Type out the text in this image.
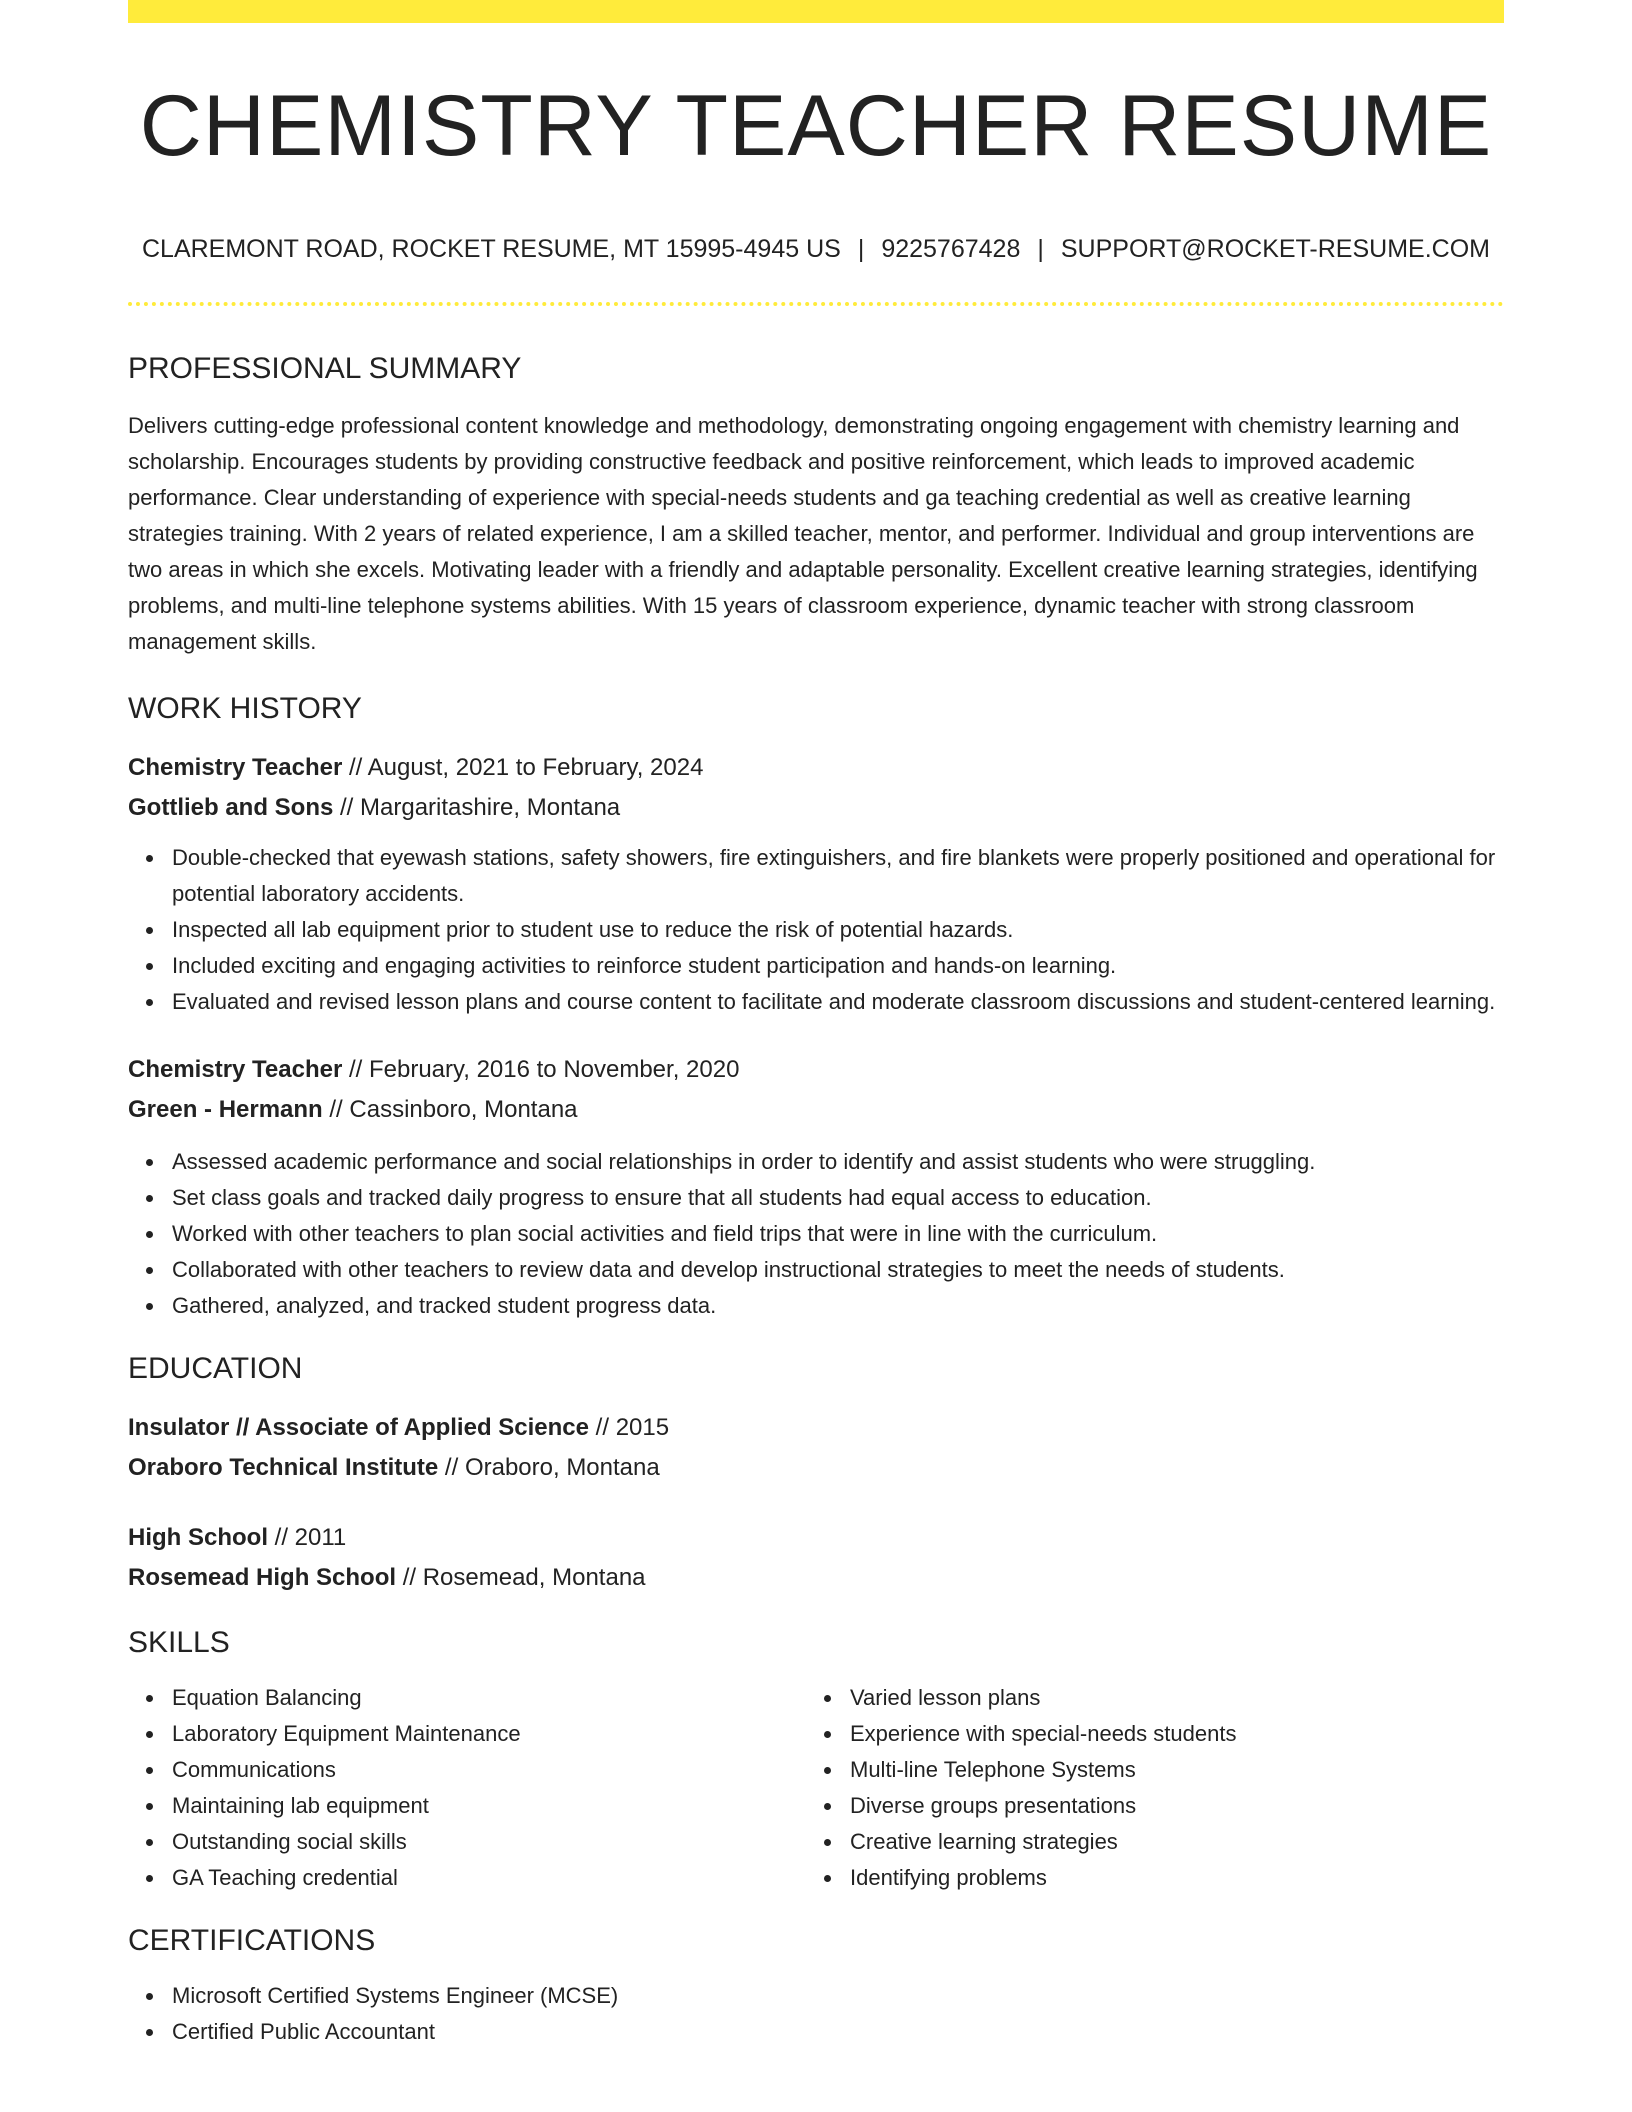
CHEMISTRY TEACHER RESUME
CLAREMONT ROAD, ROCKET RESUME, MT 15995-4945 US | 9225767428 | SUPPORT@ROCKET-RESUME.COM
PROFESSIONAL SUMMARY

Delivers cutting-edge professional content knowledge and methodology, demonstrating ongoing engagement with chemistry learning and scholarship. Encourages students by providing constructive feedback and positive reinforcement, which leads to improved academic performance. Clear understanding of experience with special-needs students and ga teaching credential as well as creative learning strategies training. With 2 years of related experience, I am a skilled teacher, mentor, and performer. Individual and group interventions are two areas in which she excels. Motivating leader with a friendly and adaptable personality. Excellent creative learning strategies, identifying problems, and multi-line telephone systems abilities. With 15 years of classroom experience, dynamic teacher with strong classroom management skills.

WORK HISTORY
Chemistry Teacher // August, 2021 to February, 2024
Gottlieb and Sons // Margaritashire, Montana
Double-checked that eyewash stations, safety showers, fire extinguishers, and fire blankets were properly positioned and operational for potential laboratory accidents.
Inspected all lab equipment prior to student use to reduce the risk of potential hazards.
Included exciting and engaging activities to reinforce student participation and hands-on learning.
Evaluated and revised lesson plans and course content to facilitate and moderate classroom discussions and student-centered learning.
Chemistry Teacher // February, 2016 to November, 2020
Green - Hermann // Cassinboro, Montana
Assessed academic performance and social relationships in order to identify and assist students who were struggling.
Set class goals and tracked daily progress to ensure that all students had equal access to education.
Worked with other teachers to plan social activities and field trips that were in line with the curriculum.
Collaborated with other teachers to review data and develop instructional strategies to meet the needs of students.
Gathered, analyzed, and tracked student progress data.
EDUCATION
Insulator // Associate of Applied Science // 2015
Oraboro Technical Institute // Oraboro, Montana
High School // 2011
Rosemead High School // Rosemead, Montana
SKILLS
Equation Balancing
Laboratory Equipment Maintenance
Communications
Maintaining lab equipment
Outstanding social skills
GA Teaching credential
Varied lesson plans
Experience with special-needs students
Multi-line Telephone Systems
Diverse groups presentations
Creative learning strategies
Identifying problems
CERTIFICATIONS
Microsoft Certified Systems Engineer (MCSE)
Certified Public Accountant
